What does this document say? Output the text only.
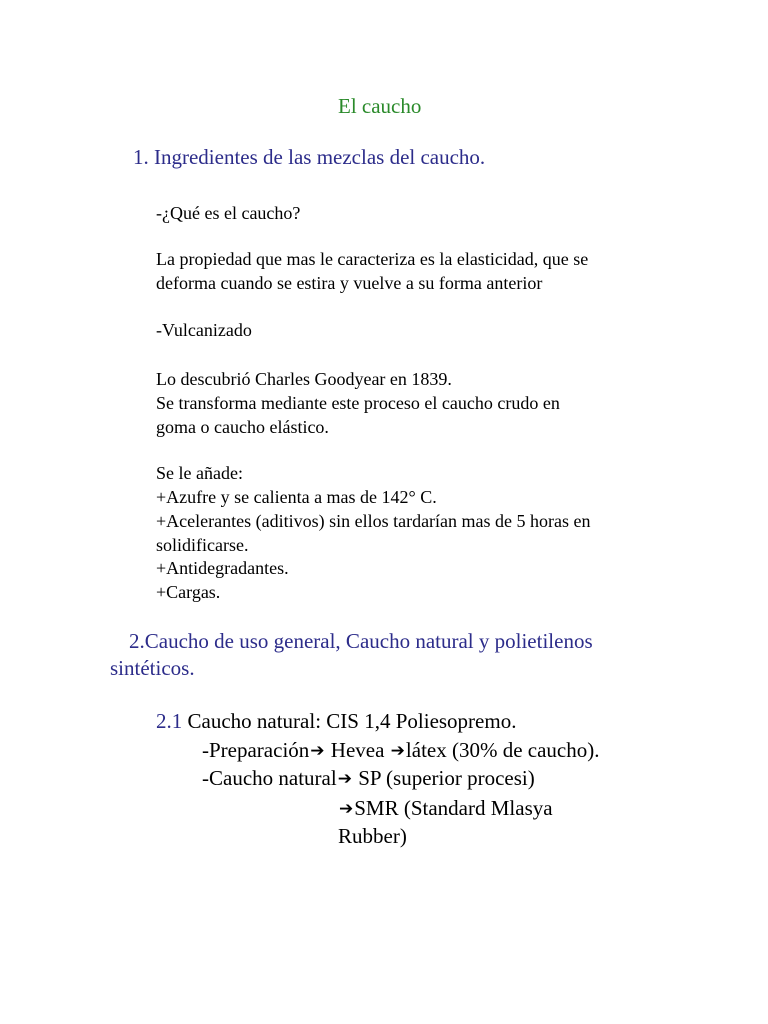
El caucho
1. Ingredientes de las mezclas del caucho.
-¿Qué es el caucho?
La propiedad que mas le caracteriza es la elasticidad, que se
deforma cuando se estira y vuelve a su forma anterior
-Vulcanizado
Lo descubrió Charles Goodyear en 1839.
Se transforma mediante este proceso el caucho crudo en
goma o caucho elástico.
Se le añade:
+Azufre y se calienta a mas de 142° C.
+Acelerantes (aditivos) sin ellos tardarían mas de 5 horas en
solidificarse.
+Antidegradantes.
+Cargas.
2.Caucho de uso general, Caucho natural y polietilenos
sintéticos.
2.1 Caucho natural: CIS 1,4 Poliesopremo.
-Preparación➔ Hevea ➔látex (30% de caucho).
-Caucho natural➔ SP (superior procesi)
➔SMR (Standard Mlasya
Rubber)
